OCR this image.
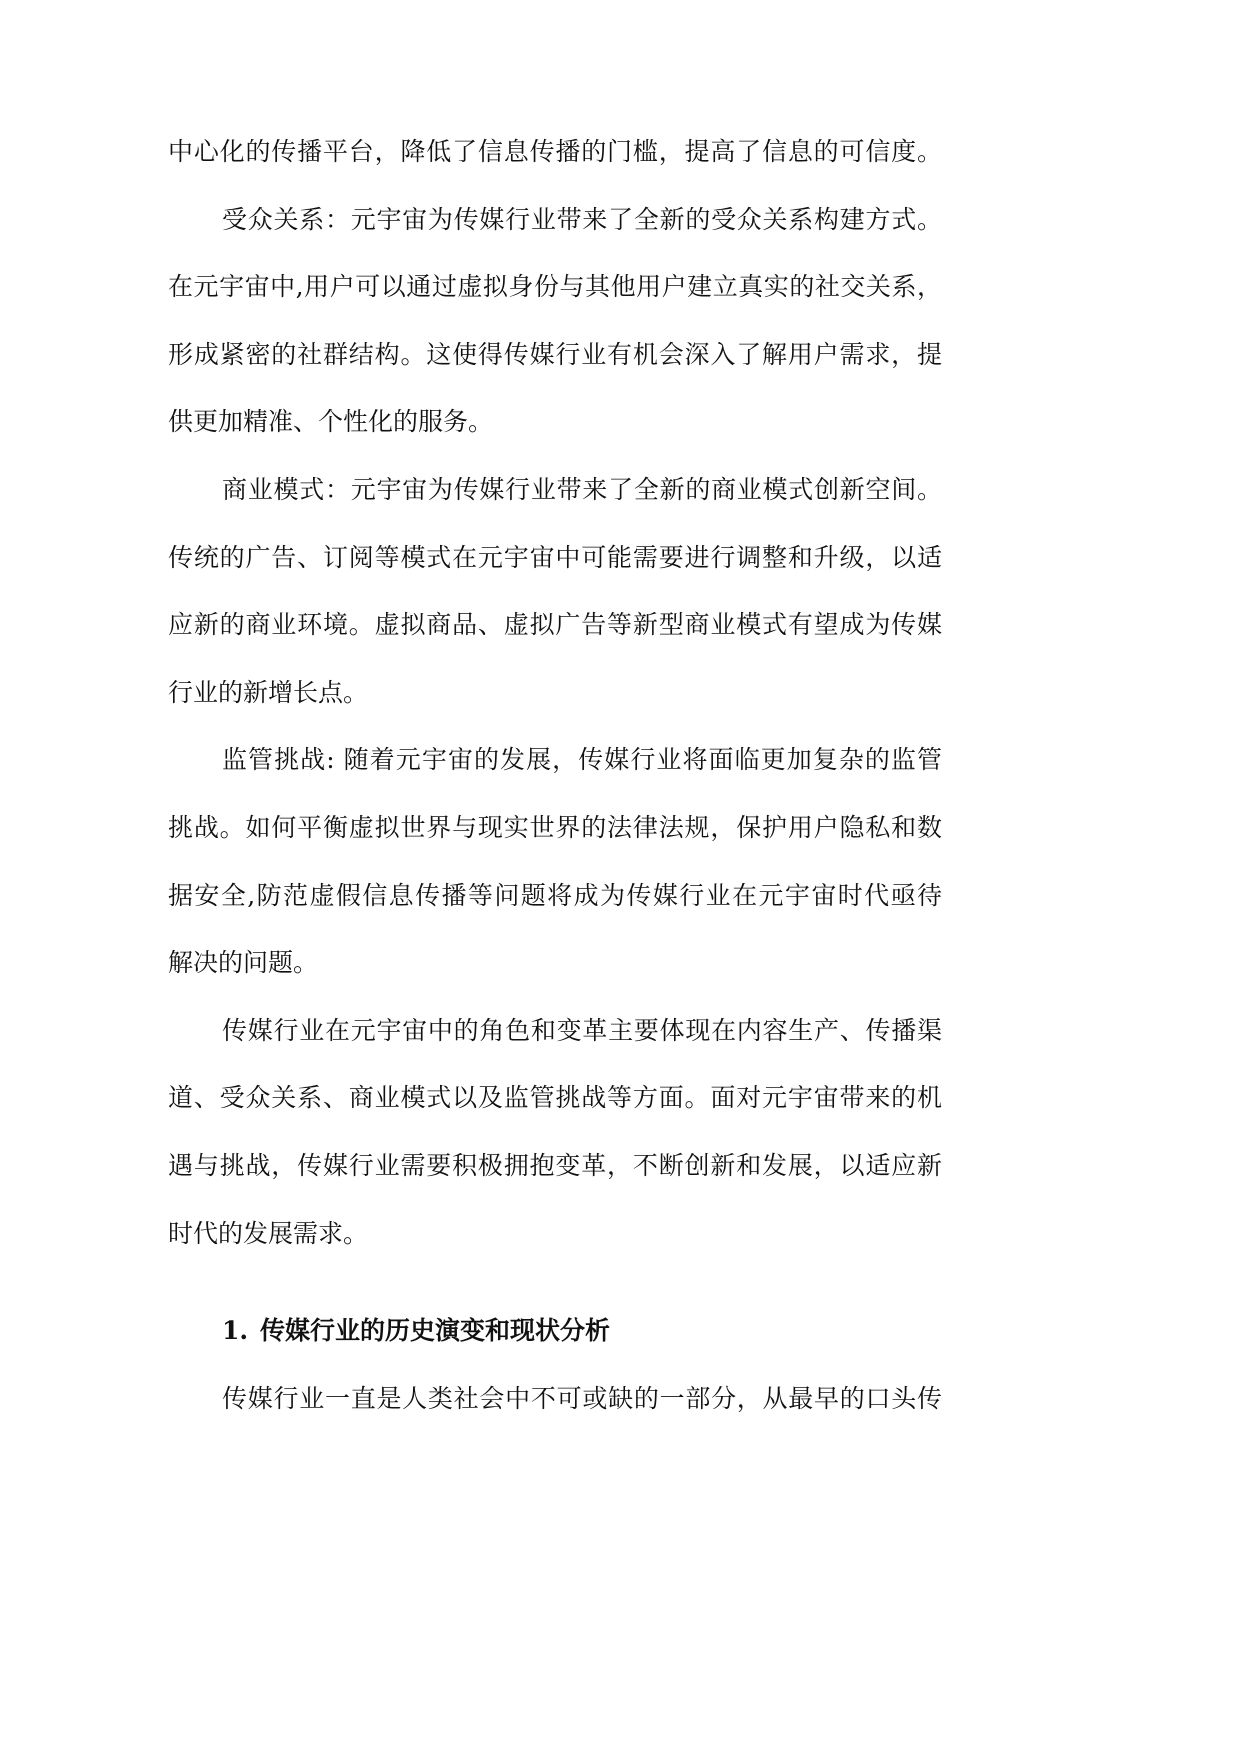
中心化的传播平台，降低了信息传播的门槛，提高了信息的可信度。
受众关系：元宇宙为传媒行业带来了全新的受众关系构建方式。
在元宇宙中,用户可以通过虚拟身份与其他用户建立真实的社交关系，
形成紧密的社群结构。这使得传媒行业有机会深入了解用户需求，提
供更加精准、个性化的服务。
商业模式：元宇宙为传媒行业带来了全新的商业模式创新空间。
传统的广告、订阅等模式在元宇宙中可能需要进行调整和升级，以适
应新的商业环境。虚拟商品、虚拟广告等新型商业模式有望成为传媒
行业的新增长点。
监管挑战: 随着元宇宙的发展，传媒行业将面临更加复杂的监管
挑战。如何平衡虚拟世界与现实世界的法律法规，保护用户隐私和数
据安全,防范虚假信息传播等问题将成为传媒行业在元宇宙时代亟待
解决的问题。
传媒行业在元宇宙中的角色和变革主要体现在内容生产、传播渠
道、受众关系、商业模式以及监管挑战等方面。面对元宇宙带来的机
遇与挑战，传媒行业需要积极拥抱变革，不断创新和发展，以适应新
时代的发展需求。
1. 传媒行业的历史演变和现状分析
传媒行业一直是人类社会中不可或缺的一部分，从最早的口头传
